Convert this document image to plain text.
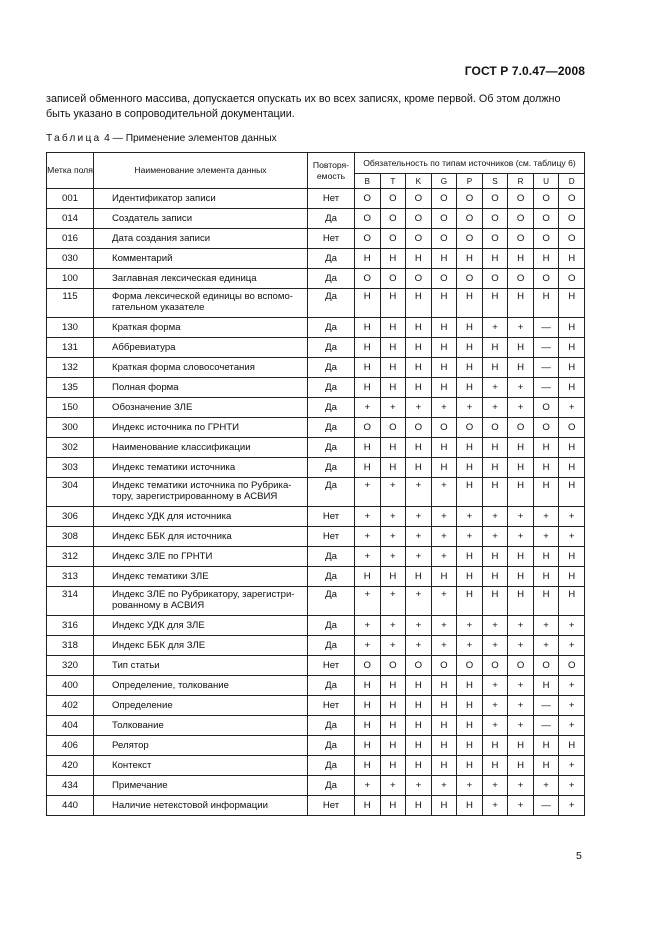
ГОСТ Р 7.0.47—2008
записей обменного массива, допускается опускать их во всех записях, кроме первой. Об этом должно
быть указано в сопроводительной документации.
Таблица 4 — Применение элементов данных
Метка поля	Наименование элемента данных	Повторя-емость	Обязательность по типам источников (см. таблицу 6)								
			B	T	K	G	P	S	R	U	D
001	Идентификатор записи	Нет	О	О	О	О	О	О	О	О	О
014	Создатель записи	Да	О	О	О	О	О	О	О	О	О
016	Дата создания записи	Нет	О	О	О	О	О	О	О	О	О
030	Комментарий	Да	Н	Н	Н	Н	Н	Н	Н	Н	Н
100	Заглавная лексическая единица	Да	О	О	О	О	О	О	О	О	О
115	Форма лексической единицы во вспомо-гательном указателе	Да	Н	Н	Н	Н	Н	Н	Н	Н	Н
130	Краткая форма	Да	Н	Н	Н	Н	Н	+	+	—	Н
131	Аббревиатура	Да	Н	Н	Н	Н	Н	Н	Н	—	Н
132	Краткая форма словосочетания	Да	Н	Н	Н	Н	Н	Н	Н	—	Н
135	Полная форма	Да	Н	Н	Н	Н	Н	+	+	—	Н
150	Обозначение ЗЛЕ	Да	+	+	+	+	+	+	+	О	+
300	Индекс источника по ГРНТИ	Да	О	О	О	О	О	О	О	О	О
302	Наименование классификации	Да	Н	Н	Н	Н	Н	Н	Н	Н	Н
303	Индекс тематики источника	Да	Н	Н	Н	Н	Н	Н	Н	Н	Н
304	Индекс тематики источника по Рубрика-тору, зарегистрированному в АСВИЯ	Да	+	+	+	+	Н	Н	Н	Н	Н
306	Индекс УДК для источника	Нет	+	+	+	+	+	+	+	+	+
308	Индекс ББК для источника	Нет	+	+	+	+	+	+	+	+	+
312	Индекс ЗЛЕ по ГРНТИ	Да	+	+	+	+	Н	Н	Н	Н	Н
313	Индекс тематики ЗЛЕ	Да	Н	Н	Н	Н	Н	Н	Н	Н	Н
314	Индекс ЗЛЕ по Рубрикатору, зарегистри-рованному в АСВИЯ	Да	+	+	+	+	Н	Н	Н	Н	Н
316	Индекс УДК для ЗЛЕ	Да	+	+	+	+	+	+	+	+	+
318	Индекс ББК для ЗЛЕ	Да	+	+	+	+	+	+	+	+	+
320	Тип статьи	Нет	О	О	О	О	О	О	О	О	О
400	Определение, толкование	Да	Н	Н	Н	Н	Н	+	+	Н	+
402	Определение	Нет	Н	Н	Н	Н	Н	+	+	—	+
404	Толкование	Да	Н	Н	Н	Н	Н	+	+	—	+
406	Релятор	Да	Н	Н	Н	Н	Н	Н	Н	Н	Н
420	Контекст	Да	Н	Н	Н	Н	Н	Н	Н	Н	+
434	Примечание	Да	+	+	+	+	+	+	+	+	+
440	Наличие нетекстовой информации	Нет	Н	Н	Н	Н	Н	+	+	—	+
5
